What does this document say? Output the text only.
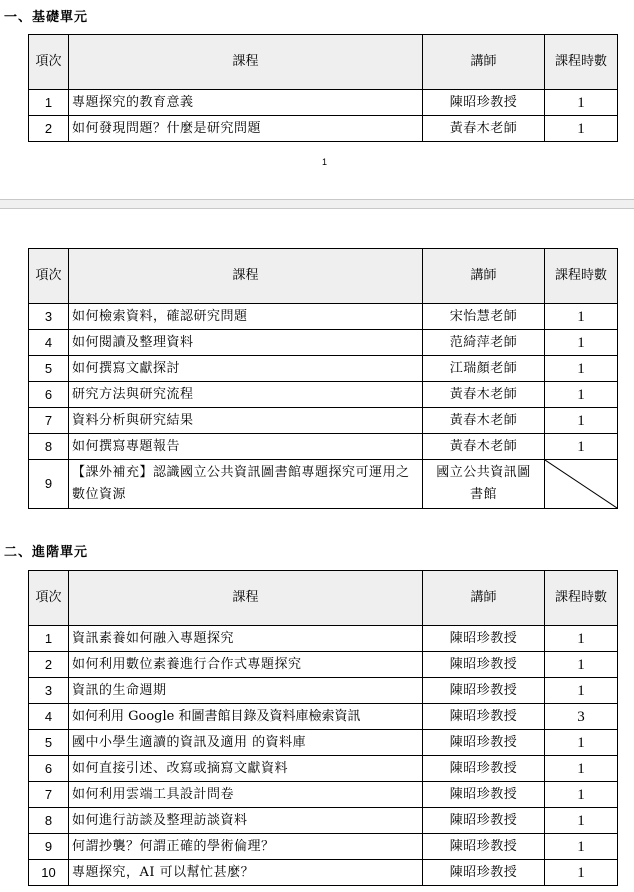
一、基礎單元
項次	課程	講師	課程時數
1	專題探究的教育意義	陳昭珍教授	1
2	如何發現問題？什麼是研究問題	黃春木老師	1
1
項次	課程	講師	課程時數
3	如何檢索資料，確認研究問題	宋怡慧老師	1
4	如何閱讀及整理資料	范綺萍老師	1
5	如何撰寫文獻探討	江瑞顏老師	1
6	研究方法與研究流程	黃春木老師	1
7	資料分析與研究結果	黃春木老師	1
8	如何撰寫專題報告	黃春木老師	1
9	【課外補充】認識國立公共資訊圖書館專題探究可運用之數位資源	國立公共資訊圖書館	
二、進階單元
項次	課程	講師	課程時數
1	資訊素養如何融入專題探究	陳昭珍教授	1
2	如何利用數位素養進行合作式專題探究	陳昭珍教授	1
3	資訊的生命週期	陳昭珍教授	1
4	如何利用 Google 和圖書館目錄及資料庫檢索資訊	陳昭珍教授	3
5	國中小學生適讀的資訊及適用 的資料庫	陳昭珍教授	1
6	如何直接引述、改寫或摘寫文獻資料	陳昭珍教授	1
7	如何利用雲端工具設計問卷	陳昭珍教授	1
8	如何進行訪談及整理訪談資料	陳昭珍教授	1
9	何謂抄襲？何謂正確的學術倫理？	陳昭珍教授	1
10	專題探究，AI 可以幫忙甚麼？	陳昭珍教授	1
